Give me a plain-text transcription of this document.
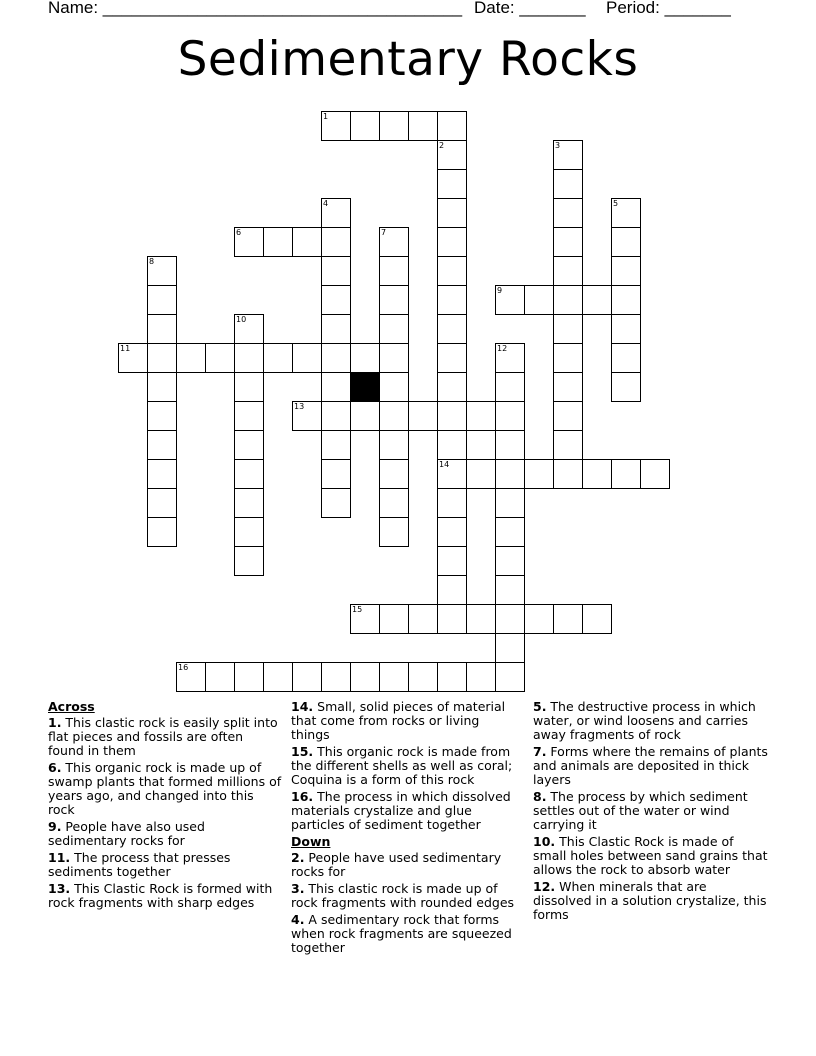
Name: ______________________________________ Date: _______ Period: _______
Sedimentary Rocks
1
2
14
3
4	5
6	7
8
9
10
11	12
13
15
16
Across
1. This clastic rock is easily split into flat pieces and fossils are often found in them
6. This organic rock is made up of swamp plants that formed millions of years ago, and changed into this rock
9. People have also used sedimentary rocks for
11. The process that presses sediments together
13. This Clastic Rock is formed with rock fragments with sharp edges
14. Small, solid pieces of material that come from rocks or living things
15. This organic rock is made from the different shells as well as coral; Coquina is a form of this rock
16. The process in which dissolved materials crystalize and glue particles of sediment together
Down
2. People have used sedimentary rocks for
3. This clastic rock is made up of rock fragments with rounded edges
4. A sedimentary rock that forms when rock fragments are squeezed together
5. The destructive process in which water, or wind loosens and carries away fragments of rock
7. Forms where the remains of plants and animals are deposited in thick layers
8. The process by which sediment settles out of the water or wind carrying it
10. This Clastic Rock is made of small holes between sand grains that allows the rock to absorb water
12. When minerals that are dissolved in a solution crystalize, this forms
